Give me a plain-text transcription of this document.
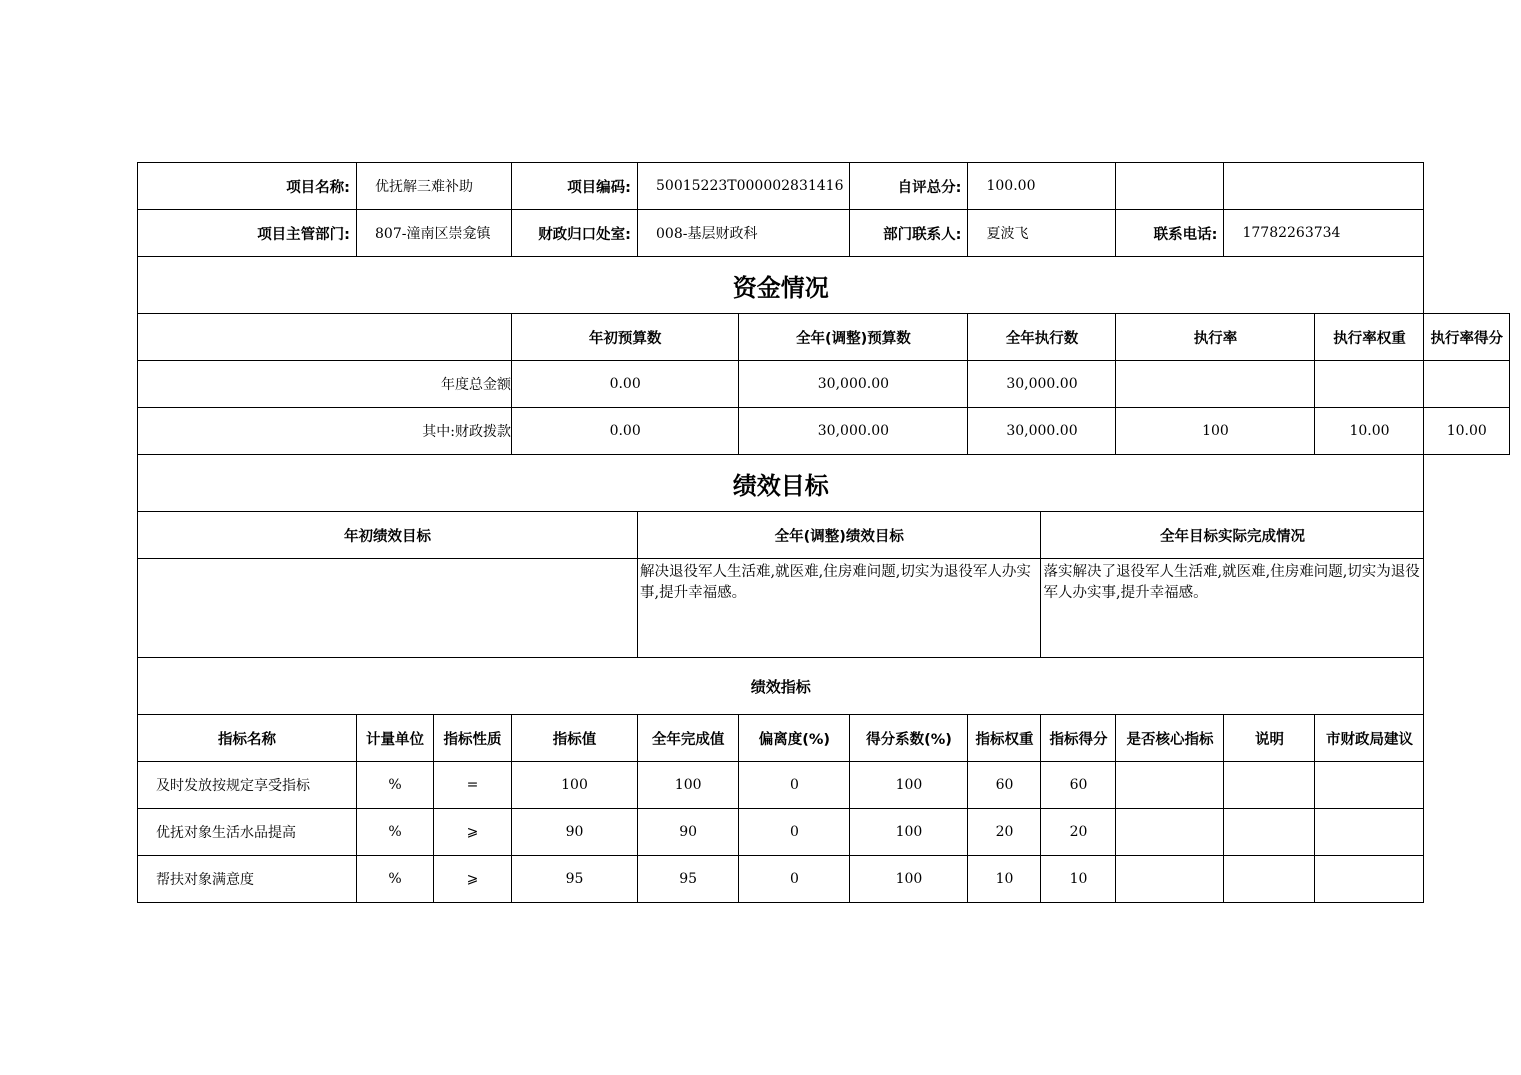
项目名称:	优抚解三难补助		项目编码:	50015223T000002831416		自评总分:	100.00					
项目主管部门:	807-潼南区崇龛镇		财政归口处室:	008-基层财政科		部门联系人:	夏波飞		联系电话:	17782263734		
资金情况												
			年初预算数		全年(调整)预算数		全年执行数		执行率		执行率权重	执行率得分
年度总金额			0.00		30,000.00		30,000.00					
其中:财政拨款			0.00		30,000.00		30,000.00		100		10.00	10.00
绩效目标												
年初绩效目标				全年(调整)绩效目标				全年目标实际完成情况				
				解决退役军人生活难,就医难,住房难问题,切实为退役军人办实事,提升幸福感。				落实解决了退役军人生活难,就医难,住房难问题,切实为退役军人办实事,提升幸福感。				
绩效指标												
指标名称	计量单位	指标性质	指标值	全年完成值	偏离度(%)	得分系数(%)	指标权重	指标得分	是否核心指标	说明	市财政局建议	
及时发放按规定享受指标	%	=	100	100	0	100	60	60				
优抚对象生活水品提高	%	⩾	90	90	0	100	20	20				
帮扶对象满意度	%	⩾	95	95	0	100	10	10				
